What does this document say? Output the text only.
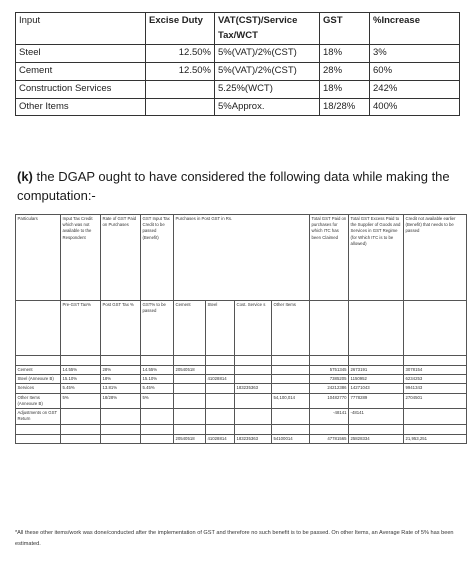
Input	Excise Duty	VAT(CST)/Service Tax/WCT	GST	%Increase
Steel	12.50%	5%(VAT)/2%(CST)	18%	3%
Cement	12.50%	5%(VAT)/2%(CST)	28%	60%
Construction Services		5.25%(WCT)	18%	242%
Other Items		5%Approx.	18/28%	400%

(k) the DGAP ought to have considered the following data while making the computation:-

Particulars	Input Tax Credit which was not available to the Respondent	Rate of GST Paid on Purchases	GST Input Tax Credit to be passed (Benefit)	Purchases in Post GST in Rs.				Total GST Paid on purchases for which ITC has been Claimed	Total GST Excess Paid to the Supplier of Goods and Services in GST Regime (for Which ITC is to be allowed)	Credit not available earlier (Benefit) that needs to be passed
	Pre-GST Tax%	Post GST Tax %	GST% to be passed	Cement	Steel	Cost. Service s	Other Items			

Cement	14.55%	28%	14.55%	20540518				5751345	2673191	3078154
Steel (Annexure B)	15.10%	18%	15.10%		41028814			7385205	1150952	6234253
Services	5.45%	13.81%	5.45%			183235363		24212386	14271043	9941343
Other Items (Annexure B)	5%	18/28%	5%				54,100,014	10482770	7778289	2704501
Adjustments on GST Return								-48141	-48141	

				20540518	41028814	183235363	54100014	47781565	25828334	21,953,251

*All these other items/work was done/conducted after the implementation of GST and therefore no such benefit is to be passed. On other Items, an Average Rate of 5% has been estimated.
